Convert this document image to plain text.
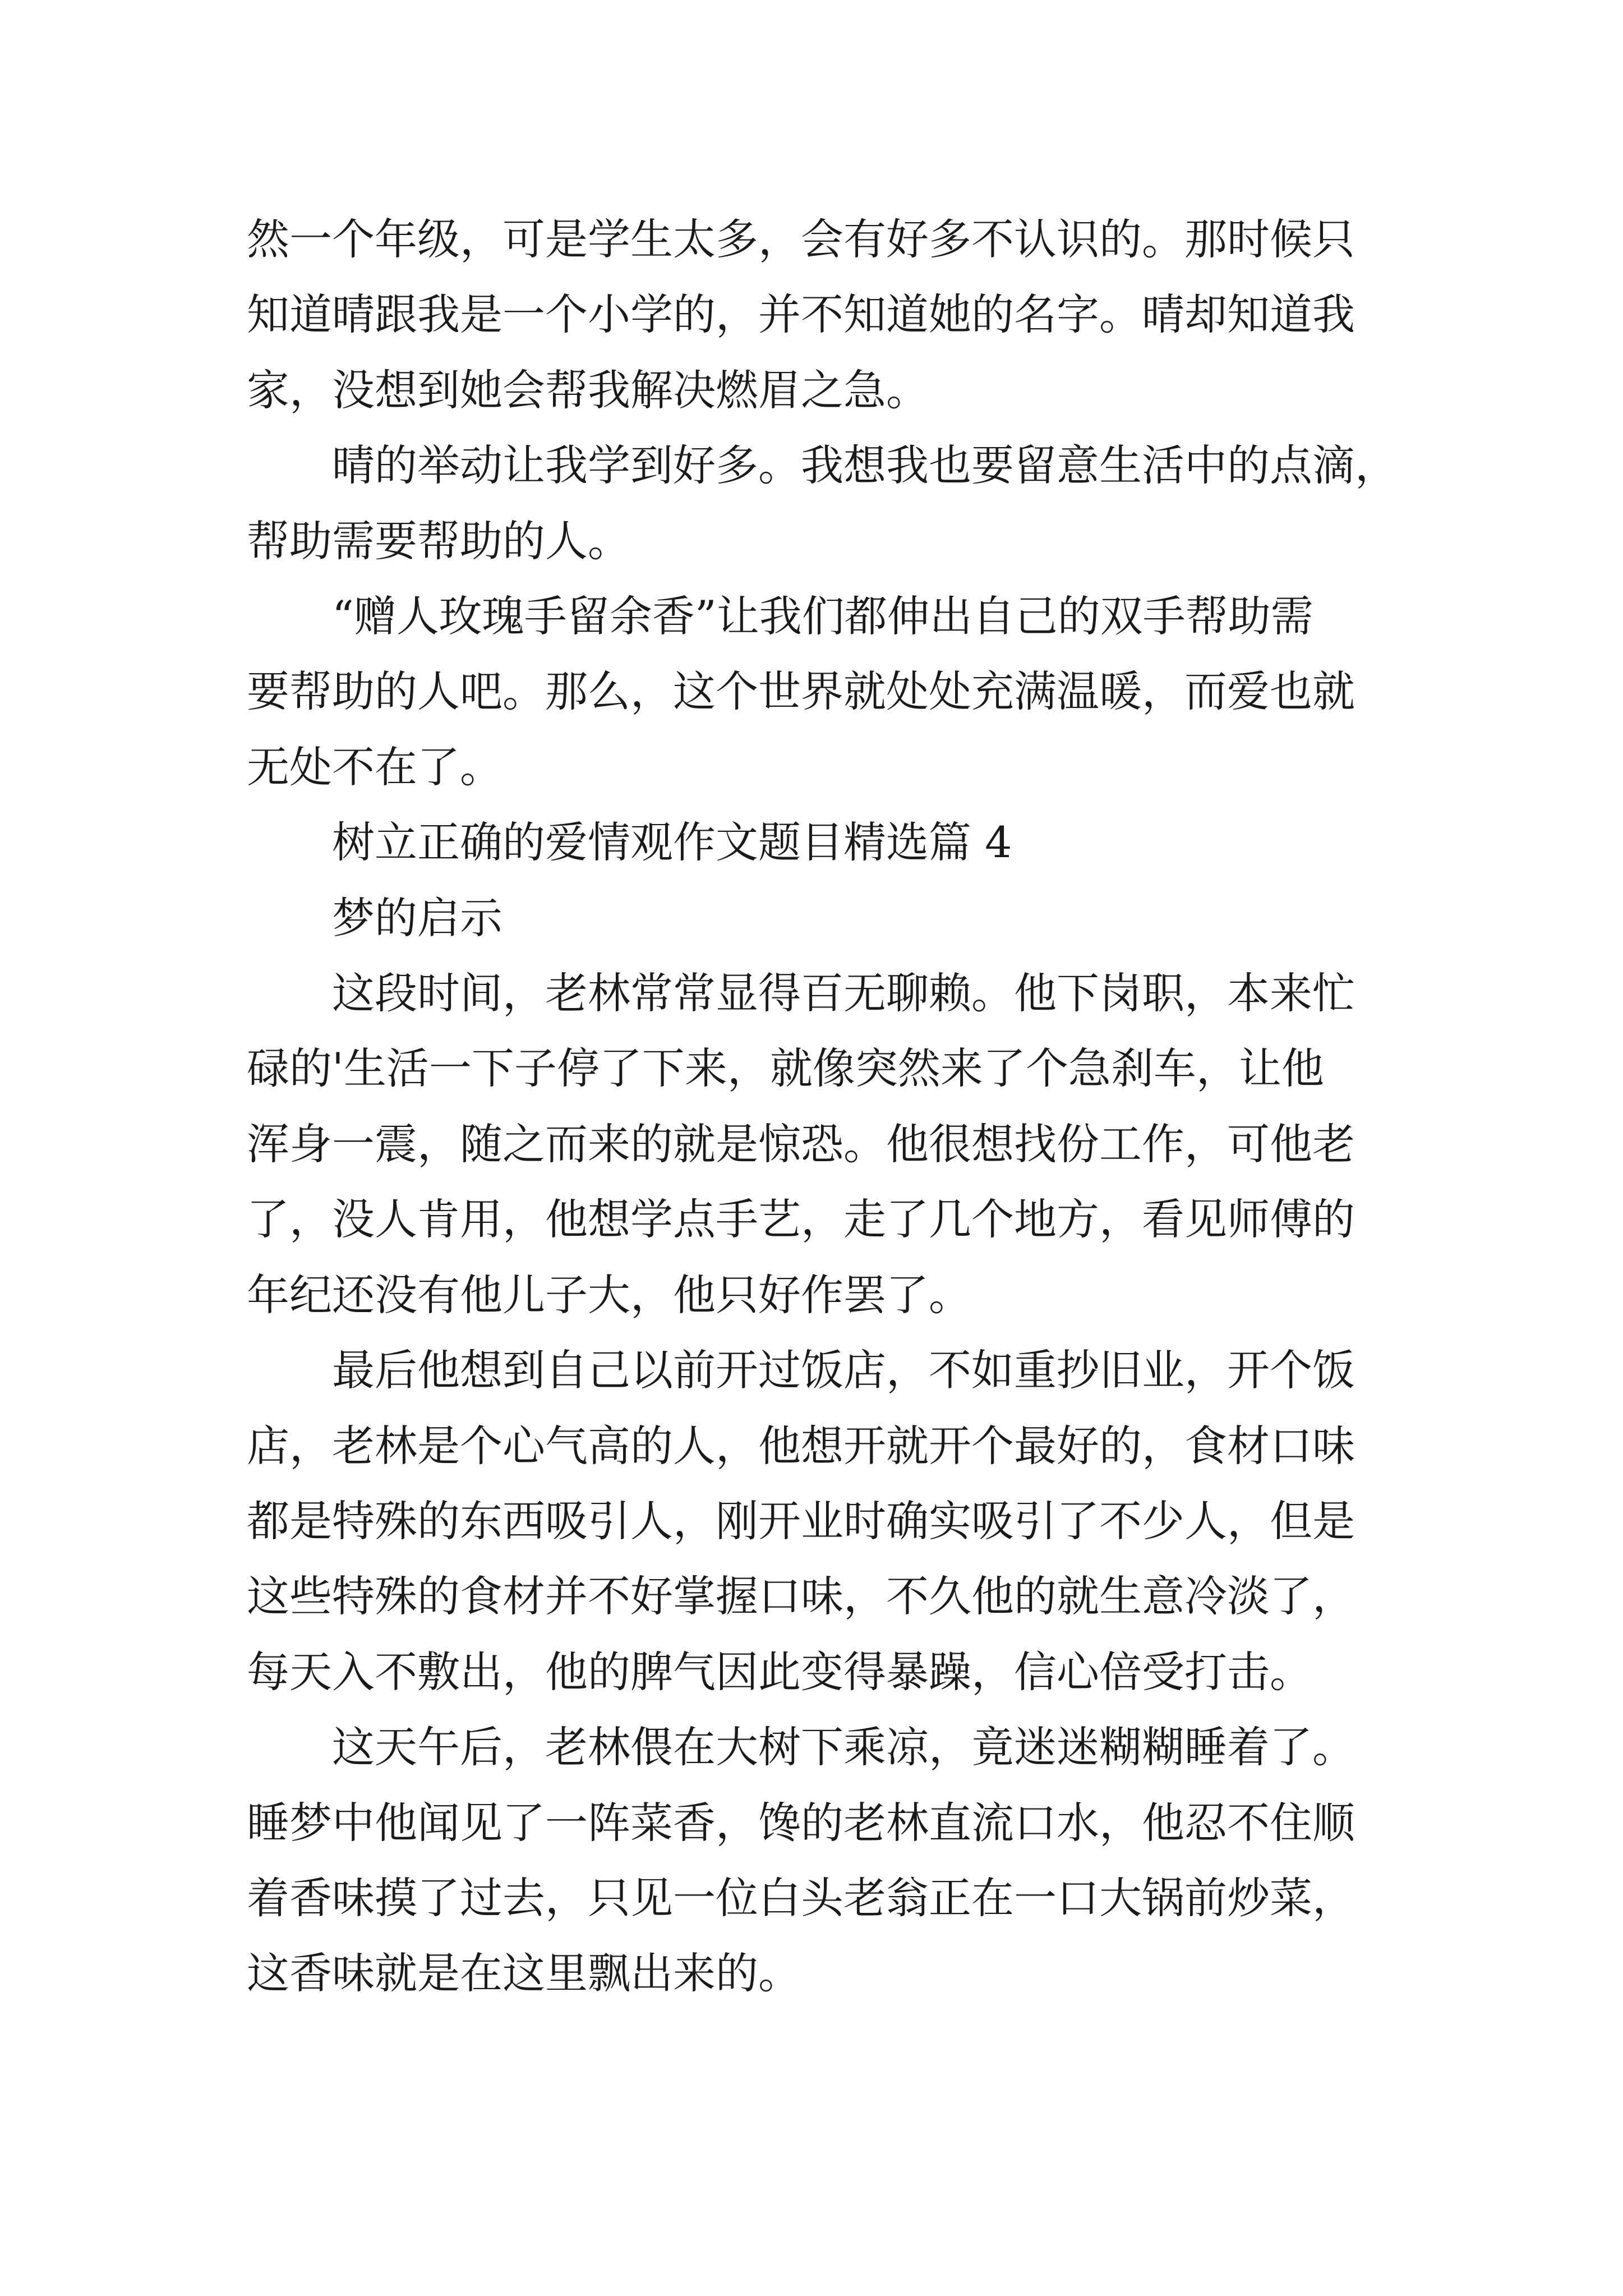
然一个年级，可是学生太多，会有好多不认识的。那时候只
知道晴跟我是一个小学的，并不知道她的名字。晴却知道我
家，没想到她会帮我解决燃眉之急。
晴的举动让我学到好多。我想我也要留意生活中的点滴，
帮助需要帮助的人。
“赠人玫瑰手留余香”让我们都伸出自己的双手帮助需
要帮助的人吧。那么，这个世界就处处充满温暖，而爱也就
无处不在了。
树立正确的爱情观作文题目精选篇 4
梦的启示
这段时间，老林常常显得百无聊赖。他下岗职，本来忙
碌的'生活一下子停了下来，就像突然来了个急刹车，让他
浑身一震，随之而来的就是惊恐。他很想找份工作，可他老
了，没人肯用，他想学点手艺，走了几个地方，看见师傅的
年纪还没有他儿子大，他只好作罢了。
最后他想到自己以前开过饭店，不如重抄旧业，开个饭
店，老林是个心气高的人，他想开就开个最好的，食材口味
都是特殊的东西吸引人，刚开业时确实吸引了不少人，但是
这些特殊的食材并不好掌握口味，不久他的就生意冷淡了，
每天入不敷出，他的脾气因此变得暴躁，信心倍受打击。
这天午后，老林偎在大树下乘凉，竟迷迷糊糊睡着了。
睡梦中他闻见了一阵菜香，馋的老林直流口水，他忍不住顺
着香味摸了过去，只见一位白头老翁正在一口大锅前炒菜，
这香味就是在这里飘出来的。
